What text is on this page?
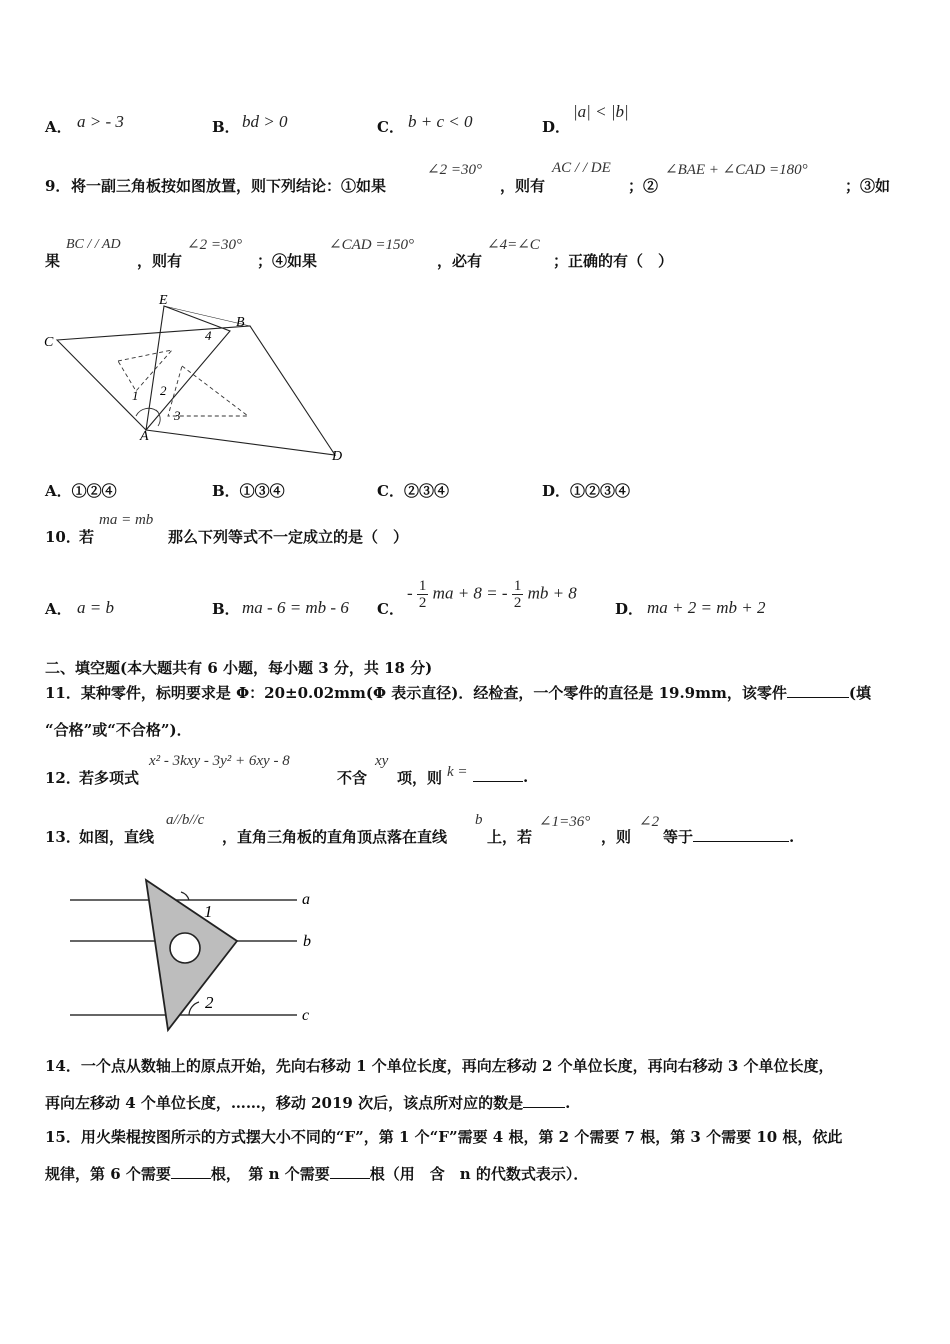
A． a > - 3	B． bd > 0	C． b + c < 0	D．
|a| < |b|
9． 将一副三角板按如图放置，则下列结论：①如果
∠2 =30°
，则有
AC / / DE
；②
∠BAE + ∠CAD =180°
；③如
果
BC / / AD
，则有
∠2 =30°
；④如果
∠CAD =150°
，必有
∠4=∠C
；正确的有（　）
E
B
C
A
D
1 2
3
4
A．①②④	B．①③④	C．②③④	D．①②③④
10．
若
ma = mb
那么下列等式不一定成立的是（　）
A． a = b	B． ma - 6 = mb - 6 C．
- $\frac{1}{2}$ ma + 8 = - $\frac{1}{2}$ mb + 8
D． ma + 2 = mb + 2
二、填空题(本大题共有 6 小题，每小题 3 分，共 18 分)
11．某种零件，标明要求是 Φ：20±0.02mm(Φ 表示直径)．经检查，一个零件的直径是 19.9mm，该零件	(填
“合格”或“不合格”)．
12．
若多项式
x² - 3kxy - 3y² + 6xy - 8
不含
xy
项，则 k =	.
13．
如图，直线
a//b//c
，直角三角板的直角顶点落在直线
b
上，若
∠1=36°
，则
∠2
等于	.
a
b
c
1
2
14．一个点从数轴上的原点开始，先向右移动 1 个单位长度，再向左移动 2 个单位长度，再向右移动 3 个单位长度，
再向左移动 4 个单位长度，……，移动 2019 次后，该点所对应的数是	.
15．用火柴棍按图所示的方式摆大小不同的“F”，第 1 个“F”需要 4 根，第 2 个需要 7 根，第 3 个需要 10 根，依此
规律，第 6 个需要	根，　第 n 个需要	根（用　含　n 的代数式表示）．
